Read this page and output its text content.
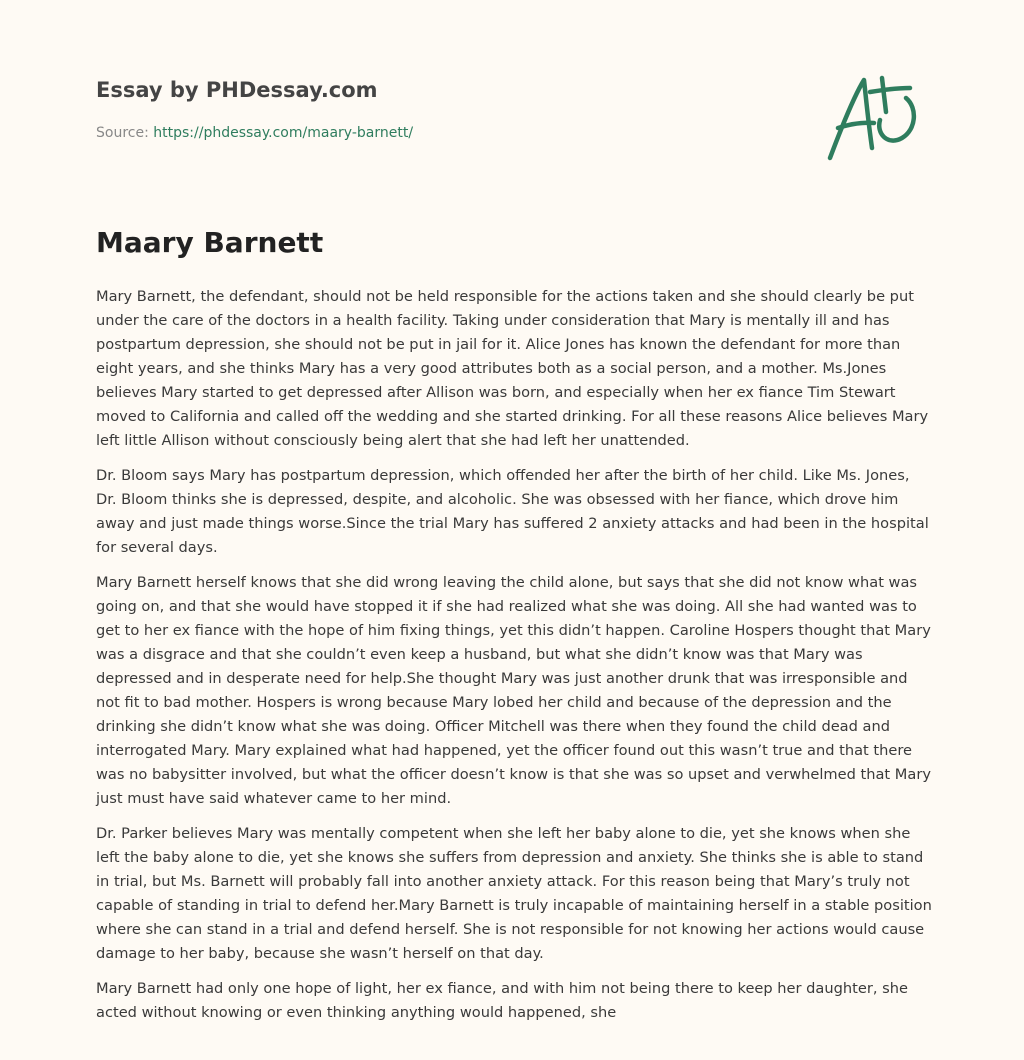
Essay by PHDessay.com
Source: https://phdessay.com/maary-barnett/
Maary Barnett

Mary Barnett, the defendant, should not be held responsible for the actions taken and she should clearly be put under the care of the doctors in a health facility. Taking under consideration that Mary is mentally ill and has postpartum depression, she should not be put in jail for it. Alice Jones has known the defendant for more than eight years, and she thinks Mary has a very good attributes both as a social person, and a mother. Ms.Jones believes Mary started to get depressed after Allison was born, and especially when her ex fiance Tim Stewart moved to California and called off the wedding and she started drinking. For all these reasons Alice believes Mary left little Allison without consciously being alert that she had left her unattended.

Dr. Bloom says Mary has postpartum depression, which offended her after the birth of her child. Like Ms. Jones, Dr. Bloom thinks she is depressed, despite, and alcoholic. She was obsessed with her fiance, which drove him away and just made things worse.Since the trial Mary has suffered 2 anxiety attacks and had been in the hospital for several days.

Mary Barnett herself knows that she did wrong leaving the child alone, but says that she did not know what was going on, and that she would have stopped it if she had realized what she was doing. All she had wanted was to get to her ex fiance with the hope of him fixing things, yet this didn’t happen. Caroline Hospers thought that Mary was a disgrace and that she couldn’t even keep a husband, but what she didn’t know was that Mary was depressed and in desperate need for help.She thought Mary was just another drunk that was irresponsible and not fit to bad mother. Hospers is wrong because Mary lobed her child and because of the depression and the drinking she didn’t know what she was doing. Officer Mitchell was there when they found the child dead and interrogated Mary. Mary explained what had happened, yet the officer found out this wasn’t true and that there was no babysitter involved, but what the officer doesn’t know is that she was so upset and verwhelmed that Mary just must have said whatever came to her mind.

Dr. Parker believes Mary was mentally competent when she left her baby alone to die, yet she knows when she left the baby alone to die, yet she knows she suffers from depression and anxiety. She thinks she is able to stand in trial, but Ms. Barnett will probably fall into another anxiety attack. For this reason being that Mary’s truly not capable of standing in trial to defend her.Mary Barnett is truly incapable of maintaining herself in a stable position where she can stand in a trial and defend herself. She is not responsible for not knowing her actions would cause damage to her baby, because she wasn’t herself on that day.

Mary Barnett had only one hope of light, her ex fiance, and with him not being there to keep her daughter, she acted without knowing or even thinking anything would happened, she
